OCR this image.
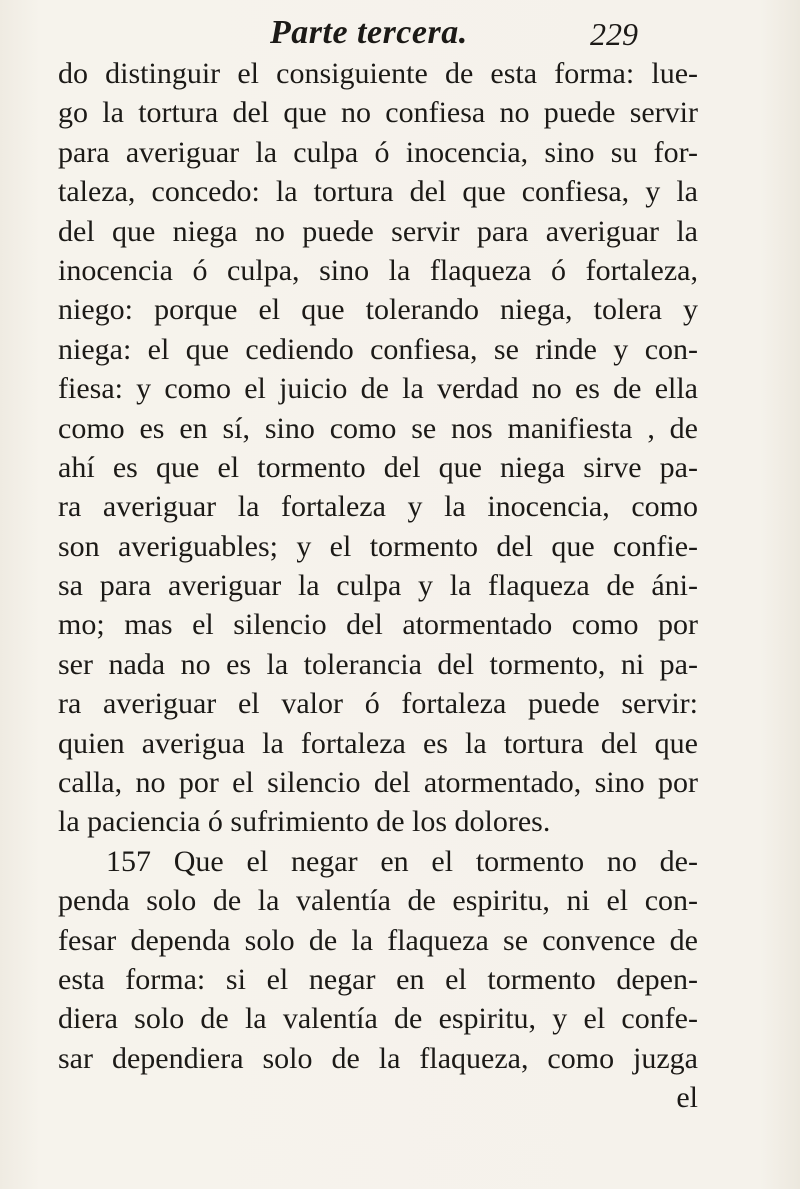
Parte tercera.	229
do distinguir el consiguiente de esta forma: lue-
go la tortura del que no confiesa no puede servir
para averiguar la culpa ó inocencia, sino su for-
taleza, concedo: la tortura del que confiesa, y la
del que niega no puede servir para averiguar la
inocencia ó culpa, sino la flaqueza ó fortaleza,
niego: porque el que tolerando niega, tolera y
niega: el que cediendo confiesa, se rinde y con-
fiesa: y como el juicio de la verdad no es de ella
como es en sí, sino como se nos manifiesta , de
ahí es que el tormento del que niega sirve pa-
ra averiguar la fortaleza y la inocencia, como
son averiguables; y el tormento del que confie-
sa para averiguar la culpa y la flaqueza de áni-
mo; mas el silencio del atormentado como por
ser nada no es la tolerancia del tormento, ni pa-
ra averiguar el valor ó fortaleza puede servir:
quien averigua la fortaleza es la tortura del que
calla, no por el silencio del atormentado, sino por
la paciencia ó sufrimiento de los dolores.
157 Que el negar en el tormento no de-
penda solo de la valentía de espiritu, ni el con-
fesar dependa solo de la flaqueza se convence de
esta forma: si el negar en el tormento depen-
diera solo de la valentía de espiritu, y el confe-
sar dependiera solo de la flaqueza, como juzga
el
